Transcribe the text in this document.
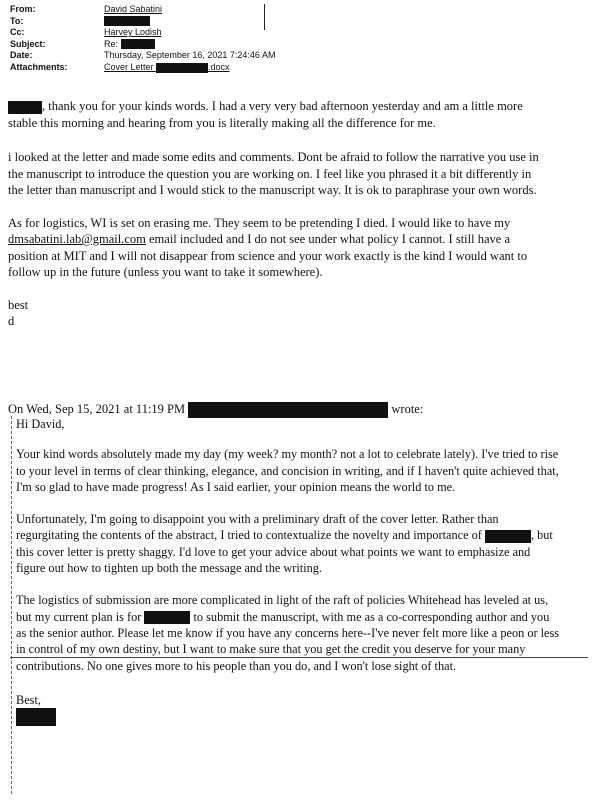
From:	David Sabatini
To:
Cc:	Harvey Lodish
Subject:	Re:
Date:	Thursday, September 16, 2021 7:24:46 AM
Attachments:	Cover Letter	.docx

, thank you for your kinds words. I had a very very bad afternoon yesterday and am a little more stable this morning and hearing from you is literally making all the difference for me.

i looked at the letter and made some edits and comments. Dont be afraid to follow the narrative you use in the manuscript to introduce the question you are working on. I feel like you phrased it a bit differently in the letter than manuscript and I would stick to the manuscript way. It is ok to paraphrase your own words.

As for logistics, WI is set on erasing me. They seem to be pretending I died. I would like to have my dmsabatini.lab@gmail.com email included and I do not see under what policy I cannot. I still have a position at MIT and I will not disappear from science and your work exactly is the kind I would want to follow up in the future (unless you want to take it somewhere).

best

d

On Wed, Sep 15, 2021 at 11:19 PM	wrote:

Hi David,

Your kind words absolutely made my day (my week? my month? not a lot to celebrate lately). I've tried to rise to your level in terms of clear thinking, elegance, and concision in writing, and if I haven't quite achieved that, I'm so glad to have made progress! As I said earlier, your opinion means the world to me.

Unfortunately, I'm going to disappoint you with a preliminary draft of the cover letter. Rather than regurgitating the contents of the abstract, I tried to contextualize the novelty and importance of	, but this cover letter is pretty shaggy. I'd love to get your advice about what points we want to emphasize and figure out how to tighten up both the message and the writing.

The logistics of submission are more complicated in light of the raft of policies Whitehead has leveled at us, but my current plan is for	to submit the manuscript, with me as a co-corresponding author and you as the senior author. Please let me know if you have any concerns here--I've never felt more like a peon or less in control of my own destiny, but I want to make sure that you get the credit you deserve for your many contributions. No one gives more to his people than you do, and I won't lose sight of that.

Best,
